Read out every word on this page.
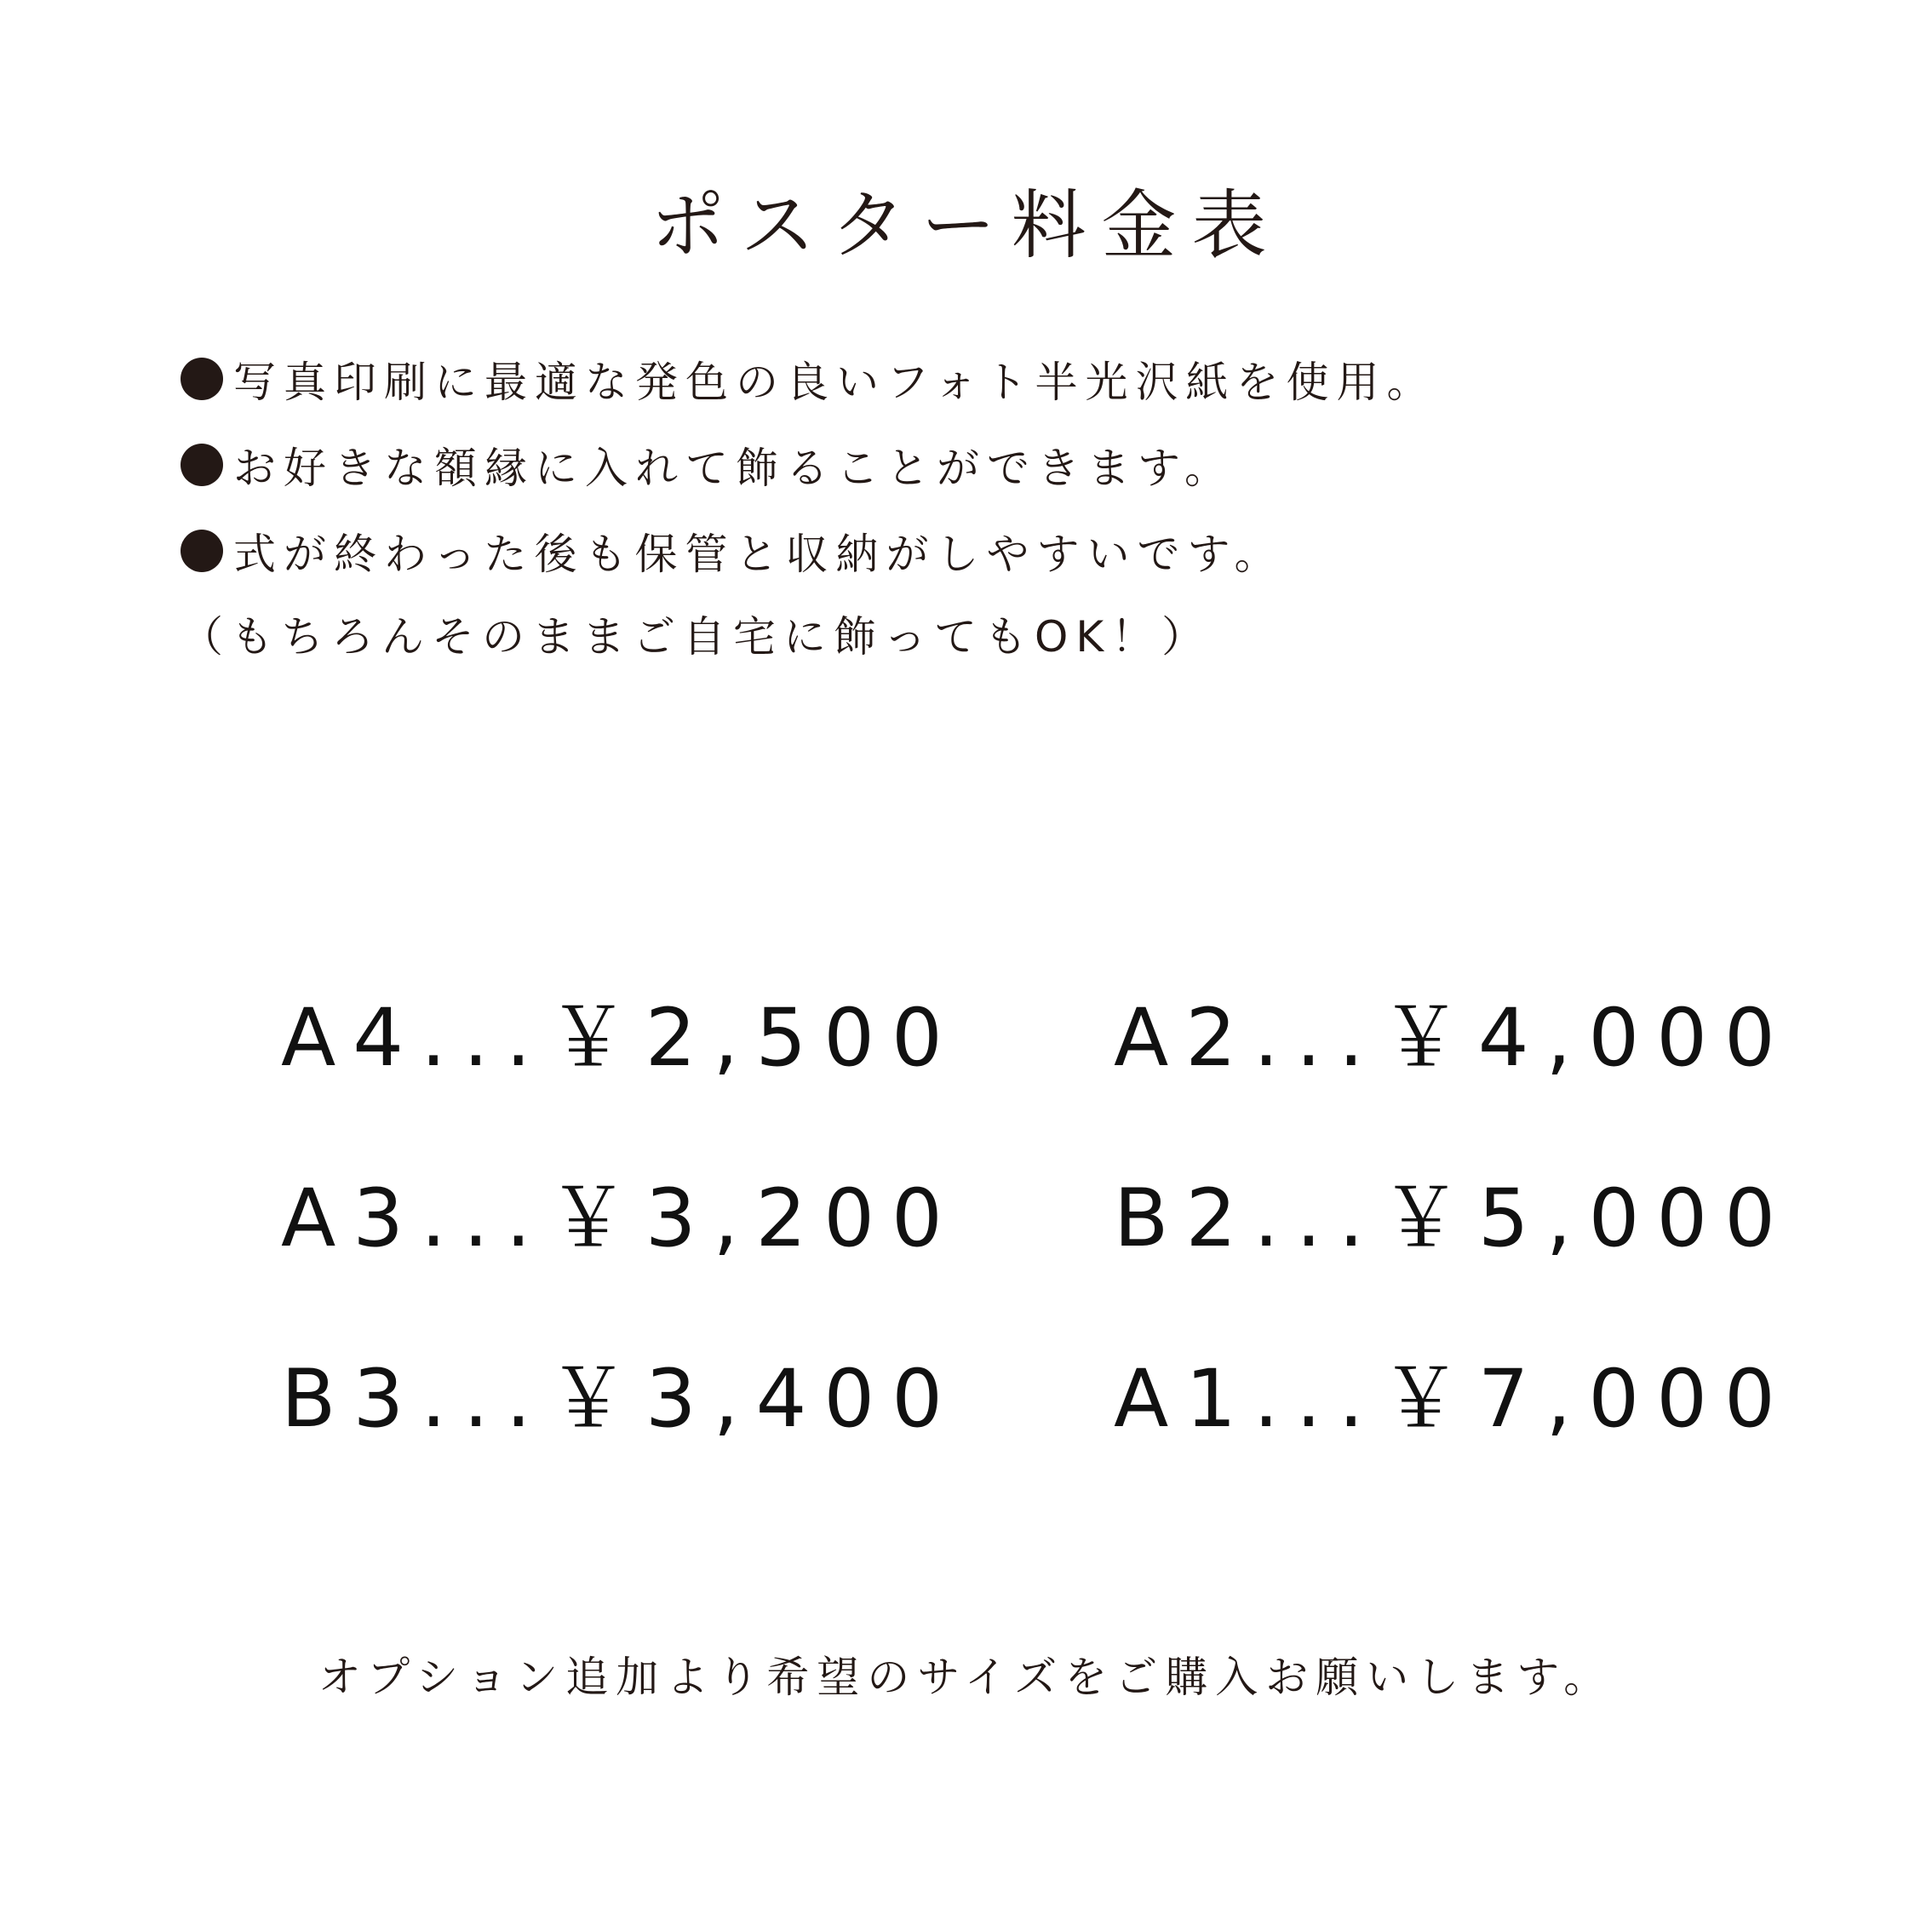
ポスター料金表
写真印刷に最適な発色の良いフォト半光沢紙を使用。
お好きな額縁に入れて飾ることができます。
式が終わった後も保管と収納がしやすいです。
（もちろんそのままご自宅に飾ってもOK！）
A4...￥2,500
A3...￥3,200
B3...￥3,400
A2...￥4,000
B2...￥5,000
A1...￥7,000
オプション追加より希望のサイズをご購入お願いします。
